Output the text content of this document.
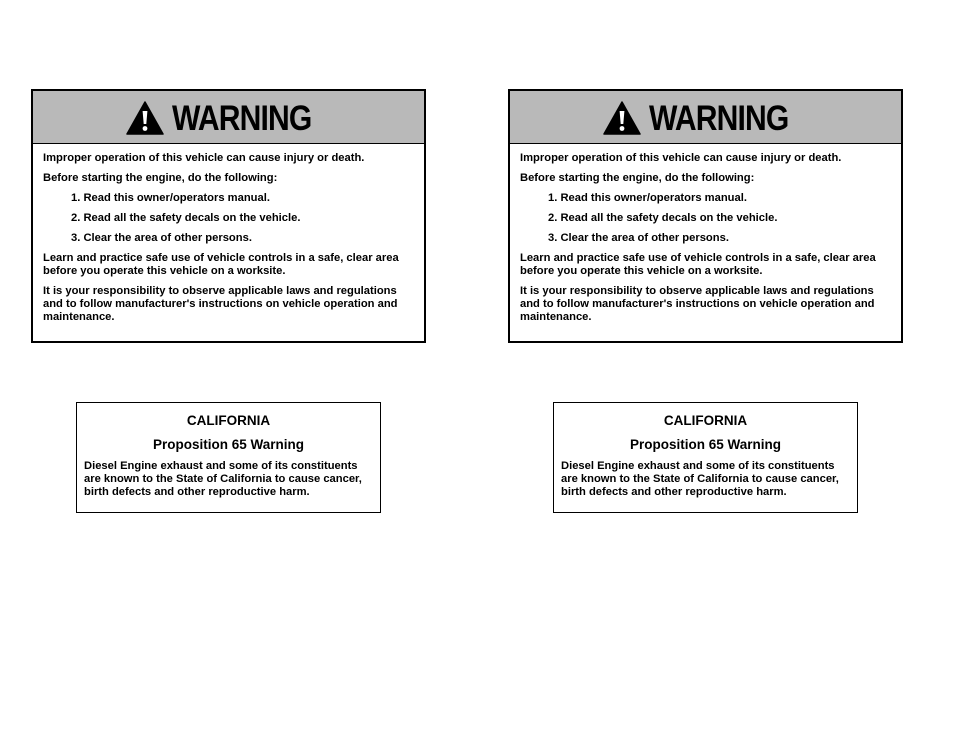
WARNING

Improper operation of this vehicle can cause injury or death.

Before starting the engine, do the following:

1. Read this owner/operators manual.
2. Read all the safety decals on the vehicle.
3. Clear the area of other persons.

Learn and practice safe use of vehicle controls in a safe, clear area before you operate this vehicle on a worksite.

It is your responsibility to observe applicable laws and regulations and to follow manufacturer's instructions on vehicle operation and maintenance.

WARNING

Improper operation of this vehicle can cause injury or death.

Before starting the engine, do the following:

1. Read this owner/operators manual.
2. Read all the safety decals on the vehicle.
3. Clear the area of other persons.

Learn and practice safe use of vehicle controls in a safe, clear area before you operate this vehicle on a worksite.

It is your responsibility to observe applicable laws and regulations and to follow manufacturer's instructions on vehicle operation and maintenance.

CALIFORNIA
Proposition 65 Warning
Diesel Engine exhaust and some of its constituents are known to the State of California to cause cancer, birth defects and other reproductive harm.
CALIFORNIA
Proposition 65 Warning
Diesel Engine exhaust and some of its constituents are known to the State of California to cause cancer, birth defects and other reproductive harm.
